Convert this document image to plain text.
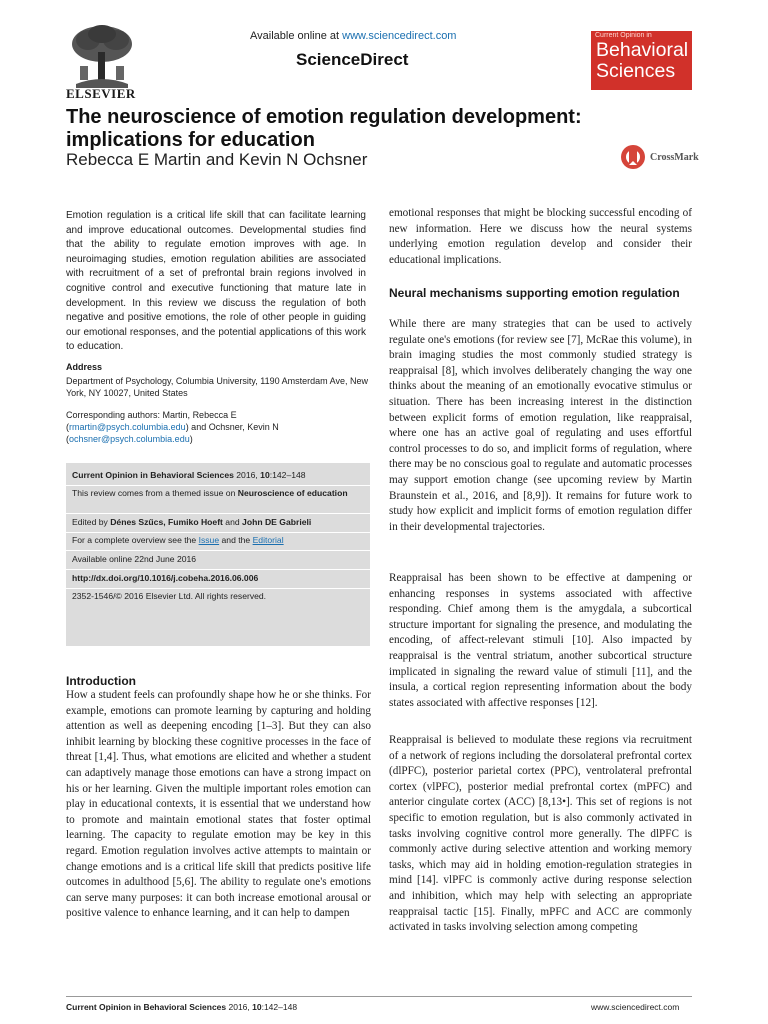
ELSEVIER
Available online at www.sciencedirect.com
ScienceDirect
Current Opinion in
Behavioral
Sciences
The neuroscience of emotion regulation development: implications for education
Rebecca E Martin and Kevin N Ochsner	CrossMark
Emotion regulation is a critical life skill that can facilitate learning and improve educational outcomes. Developmental studies find that the ability to regulate emotion improves with age. In neuroimaging studies, emotion regulation abilities are associated with recruitment of a set of prefrontal brain regions involved in cognitive control and executive functioning that mature late in development. In this review we discuss the regulation of both negative and positive emotions, the role of other people in guiding our emotional responses, and the potential applications of this work to education.
Address
Department of Psychology, Columbia University, 1190 Amsterdam Ave, New York, NY 10027, United States
Corresponding authors: Martin, Rebecca E
(rmartin@psych.columbia.edu) and Ochsner, Kevin N
(ochsner@psych.columbia.edu)
Current Opinion in Behavioral Sciences 2016, 10:142–148
This review comes from a themed issue on Neuroscience of education
Edited by Dénes Szűcs, Fumiko Hoeft and John DE Gabrieli
For a complete overview see the Issue and the Editorial
Available online 22nd June 2016
http://dx.doi.org/10.1016/j.cobeha.2016.06.006
2352-1546/© 2016 Elsevier Ltd. All rights reserved.
Introduction
How a student feels can profoundly shape how he or she thinks. For example, emotions can promote learning by capturing and holding attention as well as deepening encoding [1–3]. But they can also inhibit learning by blocking these cognitive processes in the face of threat [1,4]. Thus, what emotions are elicited and whether a student can adaptively manage those emotions can have a strong impact on his or her learning. Given the multiple important roles emotion can play in educational contexts, it is essential that we understand how to promote and maintain emotional states that foster optimal learning. The capacity to regulate emotion may be key in this regard. Emotion regulation involves active attempts to maintain or change emotions and is a critical life skill that predicts positive life outcomes in adulthood [5,6]. The ability to regulate one's emotions can serve many purposes: it can both increase emotional arousal or positive valence to enhance learning, and it can help to dampen
emotional responses that might be blocking successful encoding of new information. Here we discuss how the neural systems underlying emotion regulation develop and consider their educational implications.
Neural mechanisms supporting emotion regulation
While there are many strategies that can be used to actively regulate one's emotions (for review see [7], McRae this volume), in brain imaging studies the most commonly studied strategy is reappraisal [8], which involves deliberately changing the way one thinks about the meaning of an emotionally evocative stimulus or situation. There has been increasing interest in the distinction between explicit forms of emotion regulation, like reappraisal, where one has an active goal of regulating and uses effortful control processes to do so, and implicit forms of regulation, where there may be no conscious goal to regulate and automatic processes may support emotion change (see upcoming review by Martin Braunstein et al., 2016, and [8,9]). It remains for future work to study how explicit and implicit forms of emotion regulation differ in their developmental trajectories.
Reappraisal has been shown to be effective at dampening or enhancing responses in systems associated with affective responding. Chief among them is the amygdala, a subcortical structure important for signaling the presence, and modulating the encoding, of affect-relevant stimuli [10]. Also impacted by reappraisal is the ventral striatum, another subcortical structure implicated in signaling the reward value of stimuli [11], and the insula, a cortical region representing information about the body states associated with affective responses [12].
Reappraisal is believed to modulate these regions via recruitment of a network of regions including the dorsolateral prefrontal cortex (dlPFC), posterior parietal cortex (PPC), ventrolateral prefrontal cortex (vlPFC), posterior medial prefrontal cortex (mPFC) and anterior cingulate cortex (ACC) [8,13•]. This set of regions is not specific to emotion regulation, but is also commonly activated in tasks involving cognitive control more generally. The dlPFC is commonly active during selective attention and working memory tasks, which may aid in holding emotion-regulation strategies in mind [14]. vlPFC is commonly active during response selection and inhibition, which may help with selecting an appropriate reappraisal tactic [15]. Finally, mPFC and ACC are commonly activated in tasks involving selection among competing
Current Opinion in Behavioral Sciences 2016, 10:142–148	www.sciencedirect.com
